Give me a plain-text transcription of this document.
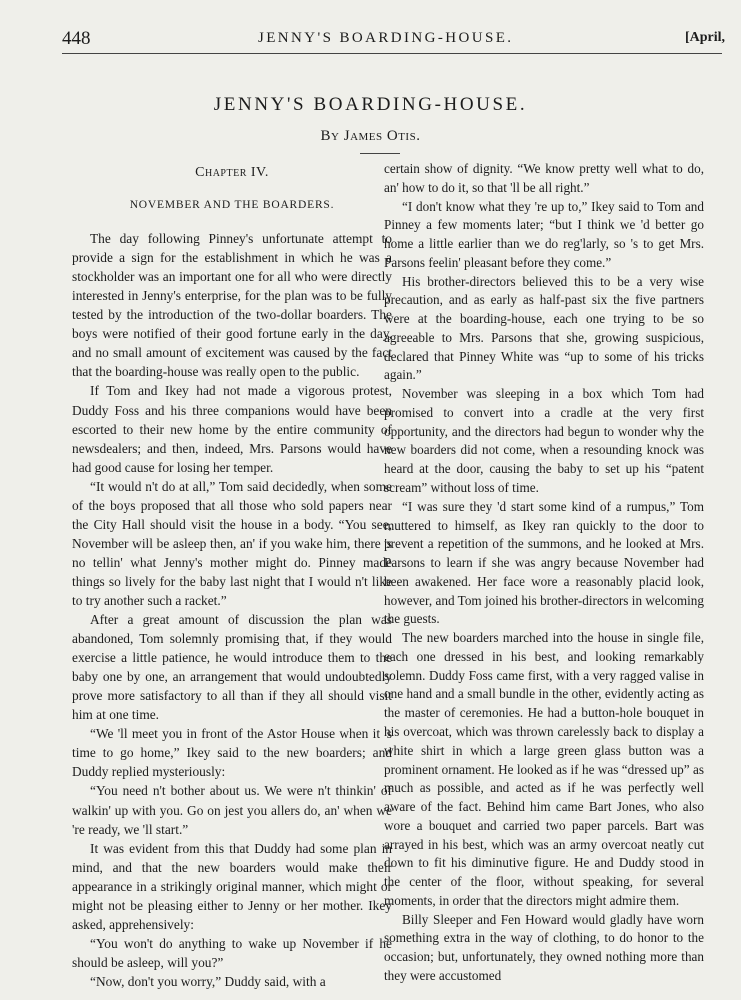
448	JENNY'S BOARDING-HOUSE.	[April,
JENNY'S BOARDING-HOUSE.
By James Otis.

Chapter IV.

NOVEMBER AND THE BOARDERS.

The day following Pinney's unfortunate attempt to provide a sign for the establishment in which he was a stockholder was an important one for all who were directly interested in Jenny's enterprise, for the plan was to be fully tested by the introduction of the two-dollar boarders. The boys were notified of their good fortune early in the day, and no small amount of excitement was caused by the fact that the boarding-house was really open to the public.

If Tom and Ikey had not made a vigorous protest, Duddy Foss and his three companions would have been escorted to their new home by the entire community of newsdealers; and then, indeed, Mrs. Parsons would have had good cause for losing her temper.

“It would n't do at all,” Tom said decidedly, when some of the boys proposed that all those who sold papers near the City Hall should visit the house in a body. “You see, November will be asleep then, an' if you wake him, there 's no tellin' what Jenny's mother might do. Pinney made things so lively for the baby last night that I would n't like to try another such a racket.”

After a great amount of discussion the plan was abandoned, Tom solemnly promising that, if they would exercise a little patience, he would introduce them to the baby one by one, an arrangement that would undoubtedly prove more satisfactory to all than if they all should visit him at one time.

“We 'll meet you in front of the Astor House when it 's time to go home,” Ikey said to the new boarders; and Duddy replied mysteriously:

“You need n't bother about us. We were n't thinkin' of walkin' up with you. Go on jest you allers do, an' when we 're ready, we 'll start.”

It was evident from this that Duddy had some plan in mind, and that the new boarders would make their appearance in a strikingly original manner, which might or might not be pleasing either to Jenny or her mother. Ikey asked, apprehensively:

“You won't do anything to wake up November if he should be asleep, will you?”

“Now, don't you worry,” Duddy said, with a

certain show of dignity. “We know pretty well what to do, an' how to do it, so that 'll be all right.”

“I don't know what they 're up to,” Ikey said to Tom and Pinney a few moments later; “but I think we 'd better go home a little earlier than we do reg'larly, so 's to get Mrs. Parsons feelin' pleasant before they come.”

His brother-directors believed this to be a very wise precaution, and as early as half-past six the five partners were at the boarding-house, each one trying to be so agreeable to Mrs. Parsons that she, growing suspicious, declared that Pinney White was “up to some of his tricks again.”

November was sleeping in a box which Tom had promised to convert into a cradle at the very first opportunity, and the directors had begun to wonder why the new boarders did not come, when a resounding knock was heard at the door, causing the baby to set up his “patent scream” without loss of time.

“I was sure they 'd start some kind of a rumpus,” Tom muttered to himself, as Ikey ran quickly to the door to prevent a repetition of the summons, and he looked at Mrs. Parsons to learn if she was angry because November had been awakened. Her face wore a reasonably placid look, however, and Tom joined his brother-directors in welcoming the guests.

The new boarders marched into the house in single file, each one dressed in his best, and looking remarkably solemn. Duddy Foss came first, with a very ragged valise in one hand and a small bundle in the other, evidently acting as the master of ceremonies. He had a button-hole bouquet in his overcoat, which was thrown carelessly back to display a white shirt in which a large green glass button was a prominent ornament. He looked as if he was “dressed up” as much as possible, and acted as if he was perfectly well aware of the fact. Behind him came Bart Jones, who also wore a bouquet and carried two paper parcels. Bart was arrayed in his best, which was an army overcoat neatly cut down to fit his diminutive figure. He and Duddy stood in the center of the floor, without speaking, for several moments, in order that the directors might admire them.

Billy Sleeper and Fen Howard would gladly have worn something extra in the way of clothing, to do honor to the occasion; but, unfortunately, they owned nothing more than they were accustomed
